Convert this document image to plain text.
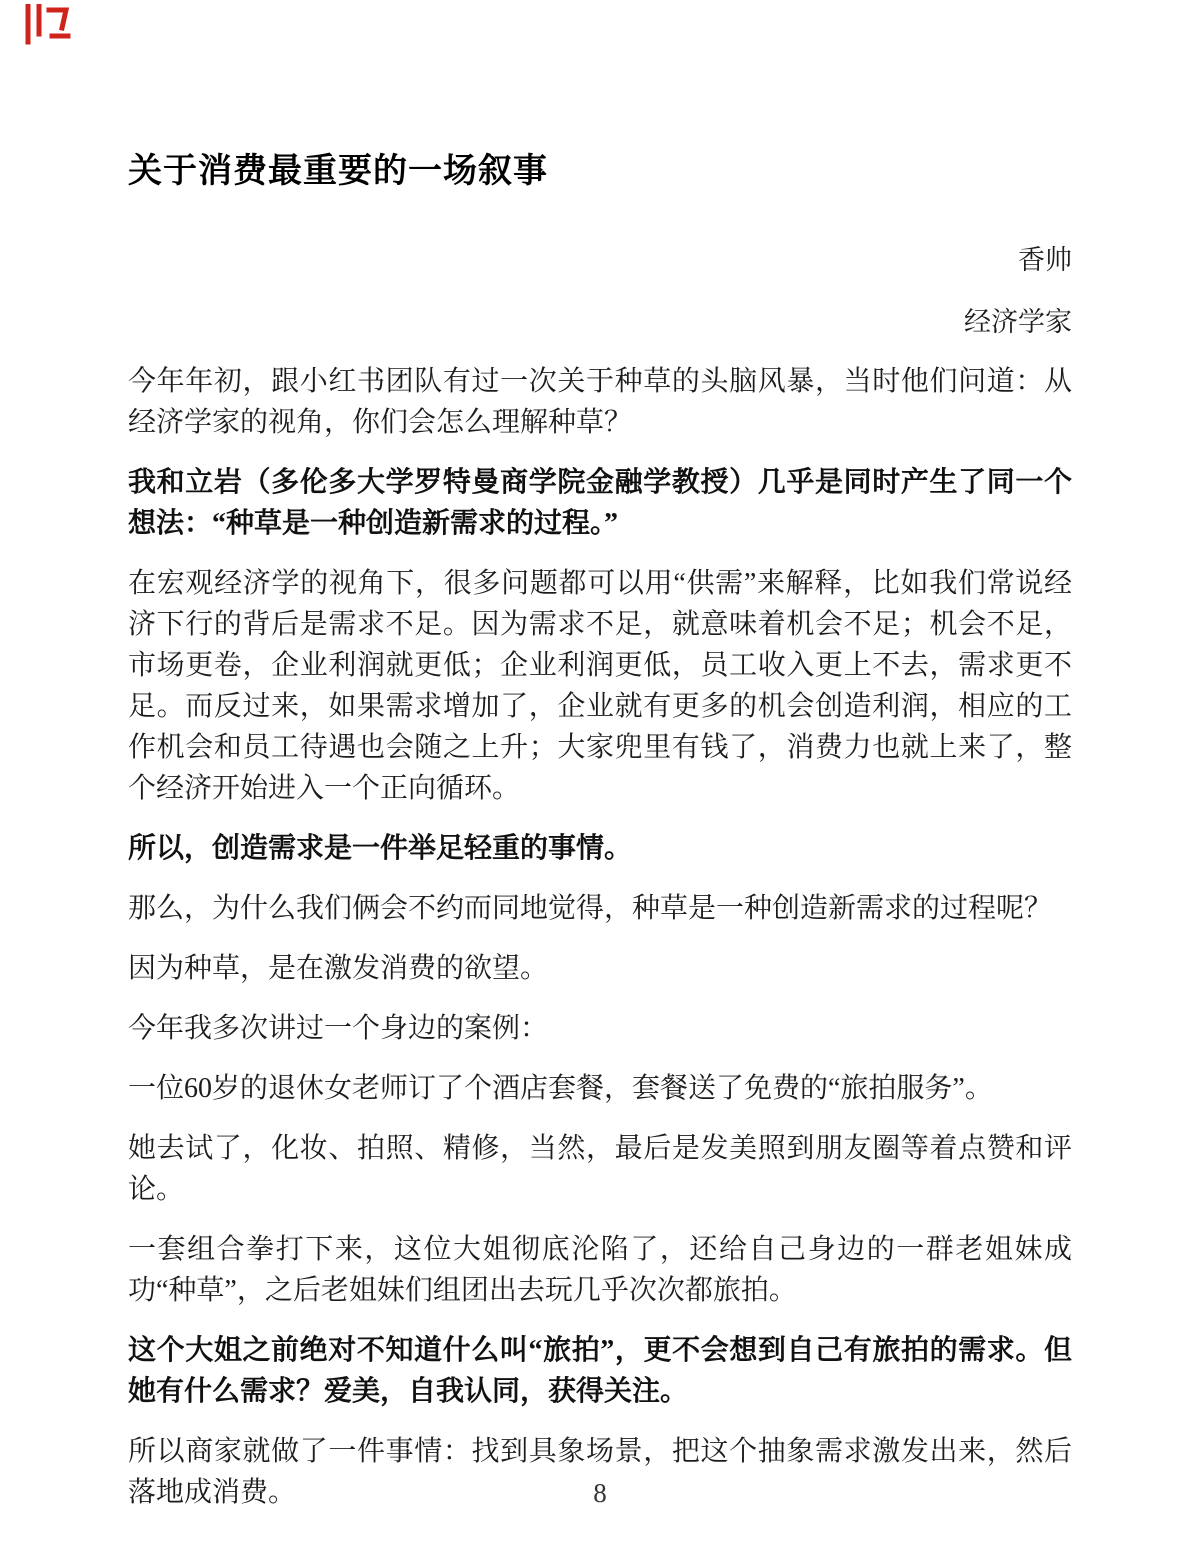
关于消费最重要的一场叙事
香帅
经济学家

今年年初，跟小红书团队有过一次关于种草的头脑风暴，当时他们问道：从经济学家的视角，你们会怎么理解种草？

我和立岩（多伦多大学罗特曼商学院金融学教授）几乎是同时产生了同一个想法：“种草是一种创造新需求的过程。”

在宏观经济学的视角下，很多问题都可以用“供需”来解释，比如我们常说经济下行的背后是需求不足。因为需求不足，就意味着机会不足；机会不足，市场更卷，企业利润就更低；企业利润更低，员工收入更上不去，需求更不足。而反过来，如果需求增加了，企业就有更多的机会创造利润，相应的工作机会和员工待遇也会随之上升；大家兜里有钱了，消费力也就上来了，整个经济开始进入一个正向循环。

所以，创造需求是一件举足轻重的事情。

那么，为什么我们俩会不约而同地觉得，种草是一种创造新需求的过程呢？

因为种草，是在激发消费的欲望。

今年我多次讲过一个身边的案例：

一位60岁的退休女老师订了个酒店套餐，套餐送了免费的“旅拍服务”。

她去试了，化妆、拍照、精修，当然，最后是发美照到朋友圈等着点赞和评论。

一套组合拳打下来，这位大姐彻底沦陷了，还给自己身边的一群老姐妹成功“种草”，之后老姐妹们组团出去玩几乎次次都旅拍。

这个大姐之前绝对不知道什么叫“旅拍”，更不会想到自己有旅拍的需求。但她有什么需求？爱美，自我认同，获得关注。

所以商家就做了一件事情：找到具象场景，把这个抽象需求激发出来，然后落地成消费。	8
